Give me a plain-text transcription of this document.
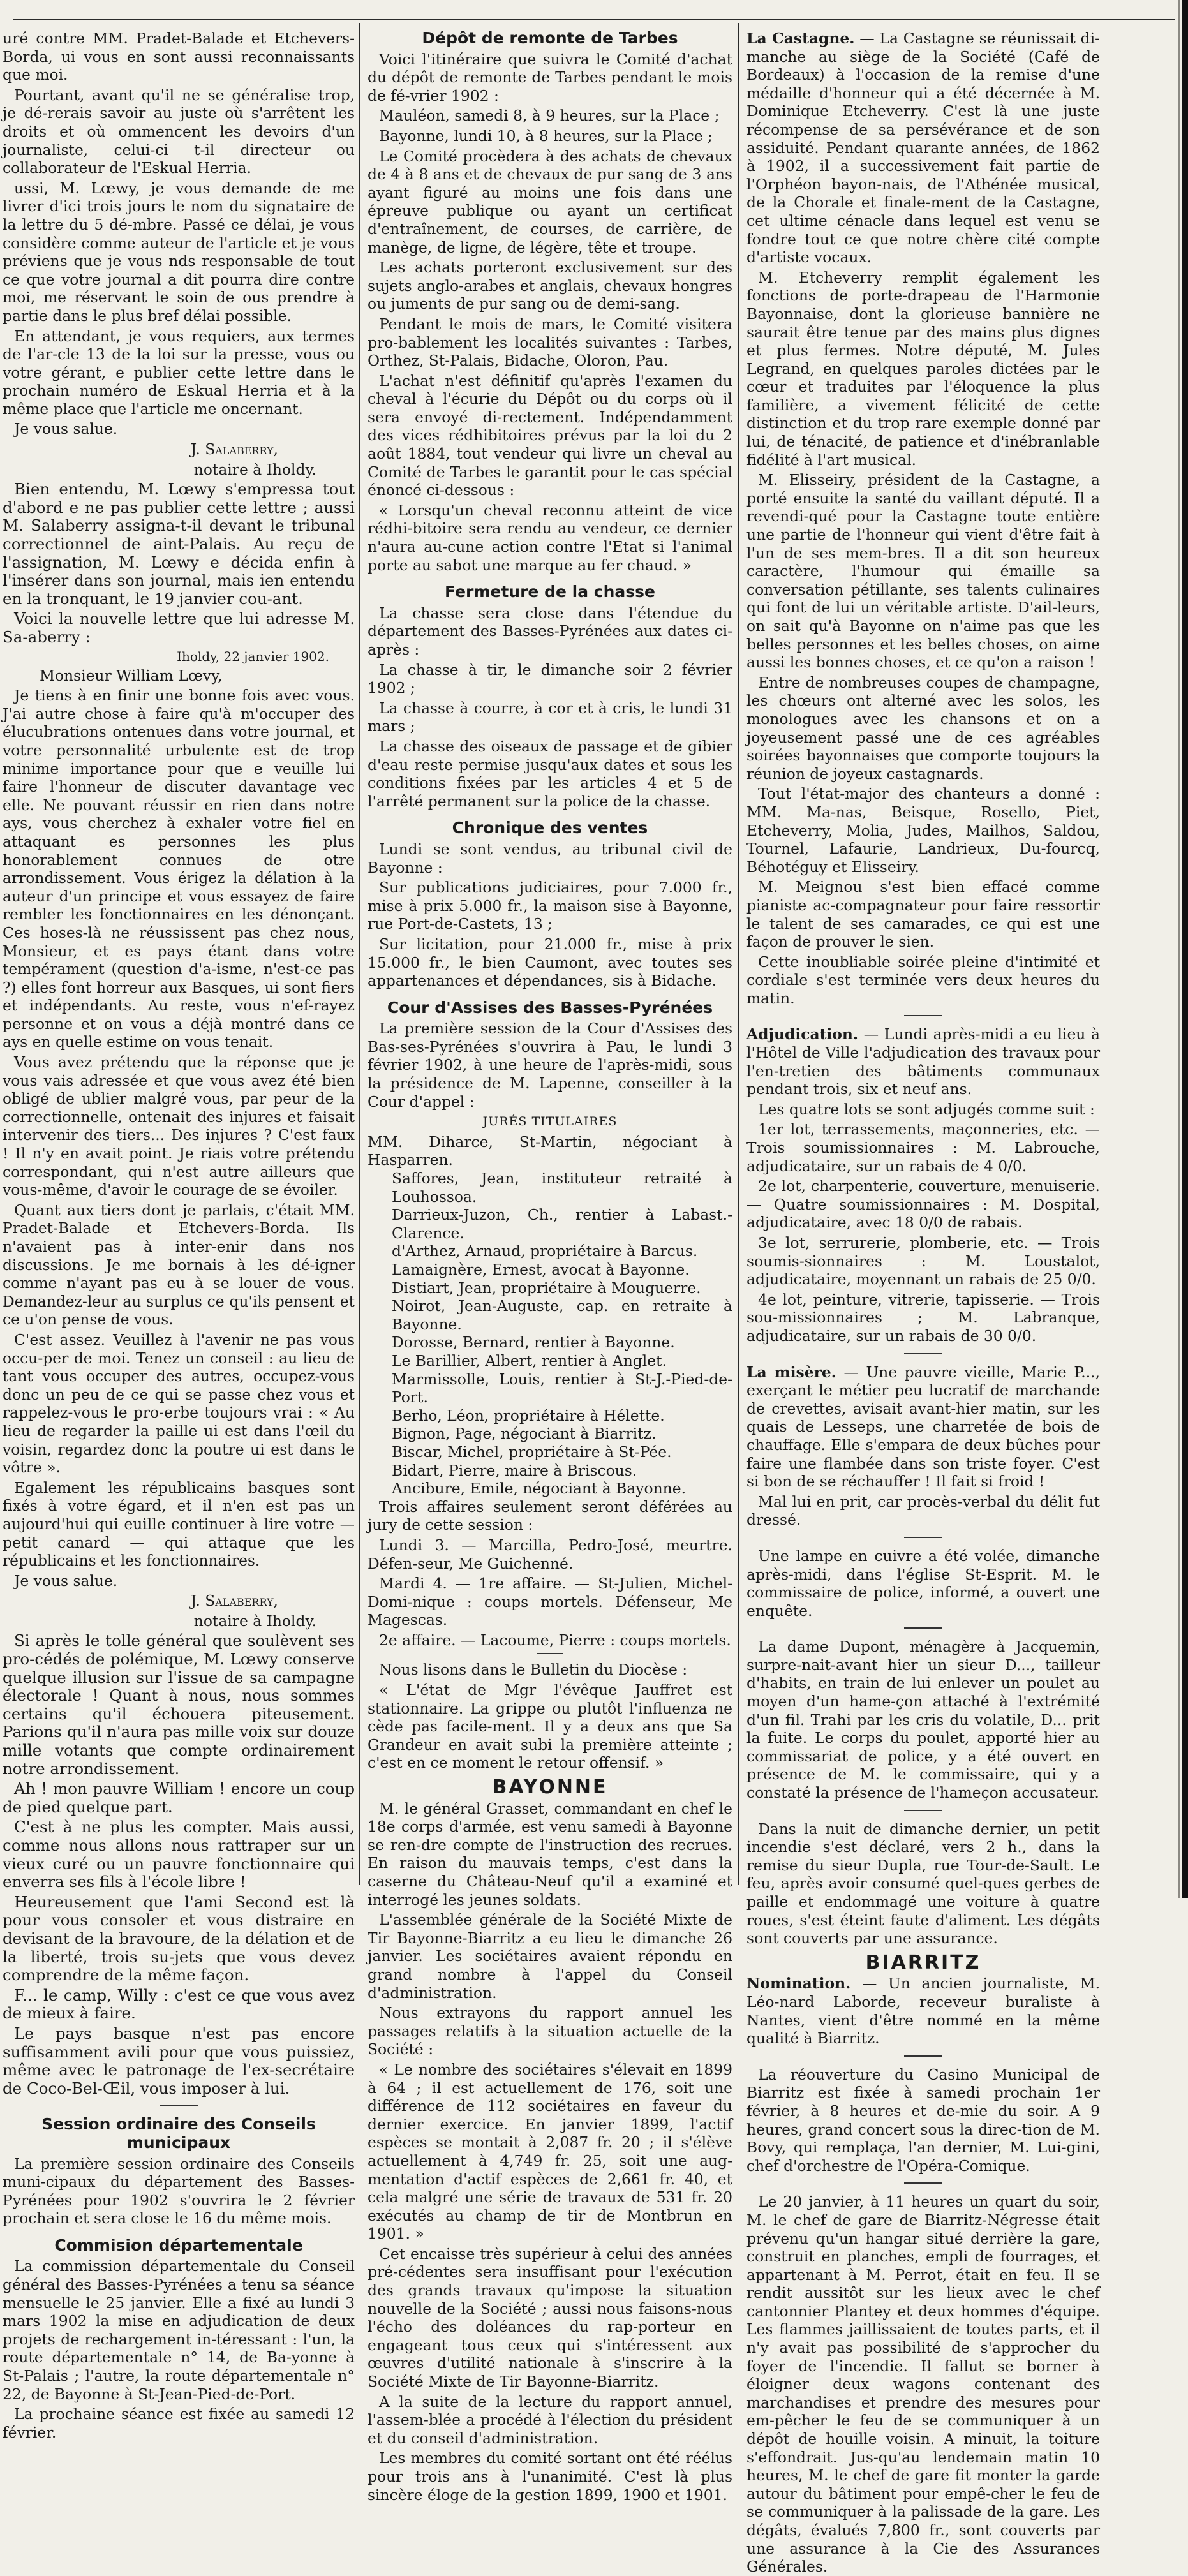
uré contre MM. Pradet-Balade et Etchevers-Borda, ui vous en sont aussi reconnaissants que moi.

Pourtant, avant qu'il ne se généralise trop, je dé-rerais savoir au juste où s'arrêtent les droits et où ommencent les devoirs d'un journaliste, celui-ci t-il directeur ou collaborateur de l'Eskual Herria.

ussi, M. Lœwy, je vous demande de me livrer d'ici trois jours le nom du signataire de la lettre du 5 dé-mbre. Passé ce délai, je vous considère comme auteur de l'article et je vous préviens que je vous nds responsable de tout ce que votre journal a dit pourra dire contre moi, me réservant le soin de ous prendre à partie dans le plus bref délai possible.

En attendant, je vous requiers, aux termes de l'ar-cle 13 de la loi sur la presse, vous ou votre gérant, e publier cette lettre dans le prochain numéro de Eskual Herria et à la même place que l'article me oncernant.

Je vous salue.

J. Salaberry,

notaire à Iholdy.

Bien entendu, M. Lœwy s'empressa tout d'abord e ne pas publier cette lettre ; aussi M. Salaberry assigna-t-il devant le tribunal correctionnel de aint-Palais. Au reçu de l'assignation, M. Lœwy e décida enfin à l'insérer dans son journal, mais ien entendu en la tronquant, le 19 janvier cou-ant.

Voici la nouvelle lettre que lui adresse M. Sa-aberry :

Iholdy, 22 janvier 1902.

Monsieur William Lœvy,

Je tiens à en finir une bonne fois avec vous. J'ai autre chose à faire qu'à m'occuper des élucubrations ontenues dans votre journal, et votre personnalité urbulente est de trop minime importance pour que e veuille lui faire l'honneur de discuter davantage vec elle. Ne pouvant réussir en rien dans notre ays, vous cherchez à exhaler votre fiel en attaquant es personnes les plus honorablement connues de otre arrondissement. Vous érigez la délation à la auteur d'un principe et vous essayez de faire rembler les fonctionnaires en les dénonçant. Ces hoses-là ne réussissent pas chez nous, Monsieur, et es pays étant dans votre tempérament (question d'a-isme, n'est-ce pas ?) elles font horreur aux Basques, ui sont fiers et indépendants. Au reste, vous n'ef-rayez personne et on vous a déjà montré dans ce ays en quelle estime on vous tenait.

Vous avez prétendu que la réponse que je vous vais adressée et que vous avez été bien obligé de ublier malgré vous, par peur de la correctionnelle, ontenait des injures et faisait intervenir des tiers... Des injures ? C'est faux ! Il n'y en avait point. Je riais votre prétendu correspondant, qui n'est autre ailleurs que vous-même, d'avoir le courage de se évoiler.

Quant aux tiers dont je parlais, c'était MM. Pradet-Balade et Etchevers-Borda. Ils n'avaient pas à inter-enir dans nos discussions. Je me bornais à les dé-igner comme n'ayant pas eu à se louer de vous. Demandez-leur au surplus ce qu'ils pensent et ce u'on pense de vous.

C'est assez. Veuillez à l'avenir ne pas vous occu-per de moi. Tenez un conseil : au lieu de tant vous occuper des autres, occupez-vous donc un peu de ce qui se passe chez vous et rappelez-vous le pro-erbe toujours vrai : « Au lieu de regarder la paille ui est dans l'œil du voisin, regardez donc la poutre ui est dans le vôtre ».

Egalement les républicains basques sont fixés à votre égard, et il n'en est pas un aujourd'hui qui euille continuer à lire votre — petit canard — qui attaque que les républicains et les fonctionnaires.

Je vous salue.

J. Salaberry,

notaire à Iholdy.

Si après le tolle général que soulèvent ses pro-cédés de polémique, M. Lœwy conserve quelque illusion sur l'issue de sa campagne électorale ! Quant à nous, nous sommes certains qu'il échouera piteusement. Parions qu'il n'aura pas mille voix sur douze mille votants que compte ordinairement notre arrondissement.

Ah ! mon pauvre William ! encore un coup de pied quelque part.

C'est à ne plus les compter. Mais aussi, comme nous allons nous rattraper sur un vieux curé ou un pauvre fonctionnaire qui enverra ses fils à l'école libre !

Heureusement que l'ami Second est là pour vous consoler et vous distraire en devisant de la bravoure, de la délation et de la liberté, trois su-jets que vous devez comprendre de la même façon.

F... le camp, Willy : c'est ce que vous avez de mieux à faire.

Le pays basque n'est pas encore suffisamment avili pour que vous puissiez, même avec le patronage de l'ex-secrétaire de Coco-Bel-Œil, vous imposer à lui.

Session ordinaire des Conseils municipaux

La première session ordinaire des Conseils muni-cipaux du département des Basses-Pyrénées pour 1902 s'ouvrira le 2 février prochain et sera close le 16 du même mois.

Commision départementale

La commission départementale du Conseil général des Basses-Pyrénées a tenu sa séance mensuelle le 25 janvier. Elle a fixé au lundi 3 mars 1902 la mise en adjudication de deux projets de rechargement in-téressant : l'un, la route départementale n° 14, de Ba-yonne à St-Palais ; l'autre, la route départementale n° 22, de Bayonne à St-Jean-Pied-de-Port.

La prochaine séance est fixée au samedi 12 février.

Dépôt de remonte de Tarbes

Voici l'itinéraire que suivra le Comité d'achat du dépôt de remonte de Tarbes pendant le mois de fé-vrier 1902 :

Mauléon, samedi 8, à 9 heures, sur la Place ;

Bayonne, lundi 10, à 8 heures, sur la Place ;

Le Comité procèdera à des achats de chevaux de 4 à 8 ans et de chevaux de pur sang de 3 ans ayant figuré au moins une fois dans une épreuve publique ou ayant un certificat d'entraînement, de courses, de carrière, de manège, de ligne, de légère, tête et troupe.

Les achats porteront exclusivement sur des sujets anglo-arabes et anglais, chevaux hongres ou juments de pur sang ou de demi-sang.

Pendant le mois de mars, le Comité visitera pro-bablement les localités suivantes : Tarbes, Orthez, St-Palais, Bidache, Oloron, Pau.

L'achat n'est définitif qu'après l'examen du cheval à l'écurie du Dépôt ou du corps où il sera envoyé di-rectement. Indépendamment des vices rédhibitoires prévus par la loi du 2 août 1884, tout vendeur qui livre un cheval au Comité de Tarbes le garantit pour le cas spécial énoncé ci-dessous :

« Lorsqu'un cheval reconnu atteint de vice rédhi-bitoire sera rendu au vendeur, ce dernier n'aura au-cune action contre l'Etat si l'animal porte au sabot une marque au fer chaud. »

Fermeture de la chasse

La chasse sera close dans l'étendue du département des Basses-Pyrénées aux dates ci-après :

La chasse à tir, le dimanche soir 2 février 1902 ;

La chasse à courre, à cor et à cris, le lundi 31 mars ;

La chasse des oiseaux de passage et de gibier d'eau reste permise jusqu'aux dates et sous les conditions fixées par les articles 4 et 5 de l'arrêté permanent sur la police de la chasse.

Chronique des ventes

Lundi se sont vendus, au tribunal civil de Bayonne :

Sur publications judiciaires, pour 7.000 fr., mise à prix 5.000 fr., la maison sise à Bayonne, rue Port-de-Castets, 13 ;

Sur licitation, pour 21.000 fr., mise à prix 15.000 fr., le bien Caumont, avec toutes ses appartenances et dépendances, sis à Bidache.

Cour d'Assises des Basses-Pyrénées

La première session de la Cour d'Assises des Bas-ses-Pyrénées s'ouvrira à Pau, le lundi 3 février 1902, à une heure de l'après-midi, sous la présidence de M. Lapenne, conseiller à la Cour d'appel :

JURÉS TITULAIRES

MM. Diharce, St-Martin, négociant à Hasparren.

Saffores, Jean, instituteur retraité à Louhossoa.

Darrieux-Juzon, Ch., rentier à Labast.-Clarence.

d'Arthez, Arnaud, propriétaire à Barcus.

Lamaignère, Ernest, avocat à Bayonne.

Distiart, Jean, propriétaire à Mouguerre.

Noirot, Jean-Auguste, cap. en retraite à Bayonne.

Dorosse, Bernard, rentier à Bayonne.

Le Barillier, Albert, rentier à Anglet.

Marmissolle, Louis, rentier à St-J.-Pied-de-Port.

Berho, Léon, propriétaire à Hélette.

Bignon, Page, négociant à Biarritz.

Biscar, Michel, propriétaire à St-Pée.

Bidart, Pierre, maire à Briscous.

Ancibure, Emile, négociant à Bayonne.

Trois affaires seulement seront déférées au jury de cette session :

Lundi 3. — Marcilla, Pedro-José, meurtre. Défen-seur, Me Guichenné.

Mardi 4. — 1re affaire. — St-Julien, Michel-Domi-nique : coups mortels. Défenseur, Me Magescas.

2e affaire. — Lacoume, Pierre : coups mortels.

Nous lisons dans le Bulletin du Diocèse :

« L'état de Mgr l'évêque Jauffret est stationnaire. La grippe ou plutôt l'influenza ne cède pas facile-ment. Il y a deux ans que Sa Grandeur en avait subi la première atteinte ; c'est en ce moment le retour offensif. »

BAYONNE

M. le général Grasset, commandant en chef le 18e corps d'armée, est venu samedi à Bayonne se ren-dre compte de l'instruction des recrues. En raison du mauvais temps, c'est dans la caserne du Château-Neuf qu'il a examiné et interrogé les jeunes soldats.

L'assemblée générale de la Société Mixte de Tir Bayonne-Biarritz a eu lieu le dimanche 26 janvier. Les sociétaires avaient répondu en grand nombre à l'appel du Conseil d'administration.

Nous extrayons du rapport annuel les passages relatifs à la situation actuelle de la Société :

« Le nombre des sociétaires s'élevait en 1899 à 64 ; il est actuellement de 176, soit une différence de 112 sociétaires en faveur du dernier exercice. En janvier 1899, l'actif espèces se montait à 2,087 fr. 20 ; il s'élève actuellement à 4,749 fr. 25, soit une aug-mentation d'actif espèces de 2,661 fr. 40, et cela malgré une série de travaux de 531 fr. 20 exécutés au champ de tir de Montbrun en 1901. »

Cet encaisse très supérieur à celui des années pré-cédentes sera insuffisant pour l'exécution des grands travaux qu'impose la situation nouvelle de la Société ; aussi nous faisons-nous l'écho des doléances du rap-porteur en engageant tous ceux qui s'intéressent aux œuvres d'utilité nationale à s'inscrire à la Société Mixte de Tir Bayonne-Biarritz.

A la suite de la lecture du rapport annuel, l'assem-blée a procédé à l'élection du président et du conseil d'administration.

Les membres du comité sortant ont été réélus pour trois ans à l'unanimité. C'est là plus sincère éloge de la gestion 1899, 1900 et 1901.

La Castagne. — La Castagne se réunissait di-manche au siège de la Société (Café de Bordeaux) à l'occasion de la remise d'une médaille d'honneur qui a été décernée à M. Dominique Etcheverry. C'est là une juste récompense de sa persévérance et de son assiduité. Pendant quarante années, de 1862 à 1902, il a successivement fait partie de l'Orphéon bayon-nais, de l'Athénée musical, de la Chorale et finale-ment de la Castagne, cet ultime cénacle dans lequel est venu se fondre tout ce que notre chère cité compte d'artiste vocaux.

M. Etcheverry remplit également les fonctions de porte-drapeau de l'Harmonie Bayonnaise, dont la glorieuse bannière ne saurait être tenue par des mains plus dignes et plus fermes. Notre député, M. Jules Legrand, en quelques paroles dictées par le cœur et traduites par l'éloquence la plus familière, a vivement félicité de cette distinction et du trop rare exemple donné par lui, de ténacité, de patience et d'inébranlable fidélité à l'art musical.

M. Elisseiry, président de la Castagne, a porté ensuite la santé du vaillant député. Il a revendi-qué pour la Castagne toute entière une partie de l'honneur qui vient d'être fait à l'un de ses mem-bres. Il a dit son heureux caractère, l'humour qui émaille sa conversation pétillante, ses talents culinaires qui font de lui un véritable artiste. D'ail-leurs, on sait qu'à Bayonne on n'aime pas que les belles personnes et les belles choses, on aime aussi les bonnes choses, et ce qu'on a raison !

Entre de nombreuses coupes de champagne, les chœurs ont alterné avec les solos, les monologues avec les chansons et on a joyeusement passé une de ces agréables soirées bayonnaises que comporte toujours la réunion de joyeux castagnards.

Tout l'état-major des chanteurs a donné : MM. Ma-nas, Beisque, Rosello, Piet, Etcheverry, Molia, Judes, Mailhos, Saldou, Tournel, Lafaurie, Landrieux, Du-fourcq, Béhotéguy et Elisseiry.

M. Meignou s'est bien effacé comme pianiste ac-compagnateur pour faire ressortir le talent de ses camarades, ce qui est une façon de prouver le sien.

Cette inoubliable soirée pleine d'intimité et cordiale s'est terminée vers deux heures du matin.

Adjudication. — Lundi après-midi a eu lieu à l'Hôtel de Ville l'adjudication des travaux pour l'en-tretien des bâtiments communaux pendant trois, six et neuf ans.

Les quatre lots se sont adjugés comme suit :

1er lot, terrassements, maçonneries, etc. — Trois soumissionnaires : M. Labrouche, adjudicataire, sur un rabais de 4 0/0.

2e lot, charpenterie, couverture, menuiserie. — Quatre soumissionnaires : M. Dospital, adjudicataire, avec 18 0/0 de rabais.

3e lot, serrurerie, plomberie, etc. — Trois soumis-sionnaires : M. Loustalot, adjudicataire, moyennant un rabais de 25 0/0.

4e lot, peinture, vitrerie, tapisserie. — Trois sou-missionnaires ; M. Labranque, adjudicataire, sur un rabais de 30 0/0.

La misère. — Une pauvre vieille, Marie P..., exerçant le métier peu lucratif de marchande de crevettes, avisait avant-hier matin, sur les quais de Lesseps, une charretée de bois de chauffage. Elle s'empara de deux bûches pour faire une flambée dans son triste foyer. C'est si bon de se réchauffer ! Il fait si froid !

Mal lui en prit, car procès-verbal du délit fut dressé.

Une lampe en cuivre a été volée, dimanche après-midi, dans l'église St-Esprit. M. le commissaire de police, informé, a ouvert une enquête.

La dame Dupont, ménagère à Jacquemin, surpre-nait-avant hier un sieur D..., tailleur d'habits, en train de lui enlever un poulet au moyen d'un hame-çon attaché à l'extrémité d'un fil. Trahi par les cris du volatile, D... prit la fuite. Le corps du poulet, apporté hier au commissariat de police, y a été ouvert en présence de M. le commissaire, qui y a constaté la présence de l'hameçon accusateur.

Dans la nuit de dimanche dernier, un petit incendie s'est déclaré, vers 2 h., dans la remise du sieur Dupla, rue Tour-de-Sault. Le feu, après avoir consumé quel-ques gerbes de paille et endommagé une voiture à quatre roues, s'est éteint faute d'aliment. Les dégâts sont couverts par une assurance.

BIARRITZ

Nomination. — Un ancien journaliste, M. Léo-nard Laborde, receveur buraliste à Nantes, vient d'être nommé en la même qualité à Biarritz.

La réouverture du Casino Municipal de Biarritz est fixée à samedi prochain 1er février, à 8 heures et de-mie du soir. A 9 heures, grand concert sous la direc-tion de M. Bovy, qui remplaça, l'an dernier, M. Lui-gini, chef d'orchestre de l'Opéra-Comique.

Le 20 janvier, à 11 heures un quart du soir, M. le chef de gare de Biarritz-Négresse était prévenu qu'un hangar situé derrière la gare, construit en planches, empli de fourrages, et appartenant à M. Perrot, était en feu. Il se rendit aussitôt sur les lieux avec le chef cantonnier Plantey et deux hommes d'équipe. Les flammes jaillissaient de toutes parts, et il n'y avait pas possibilité de s'approcher du foyer de l'incendie. Il fallut se borner à éloigner deux wagons contenant des marchandises et prendre des mesures pour em-pêcher le feu de se communiquer à un dépôt de houille voisin. A minuit, la toiture s'effondrait. Jus-qu'au lendemain matin 10 heures, M. le chef de gare fit monter la garde autour du bâtiment pour empê-cher le feu de se communiquer à la palissade de la gare. Les dégâts, évalués 7,800 fr., sont couverts par une assurance à la Cie des Assurances Générales.
